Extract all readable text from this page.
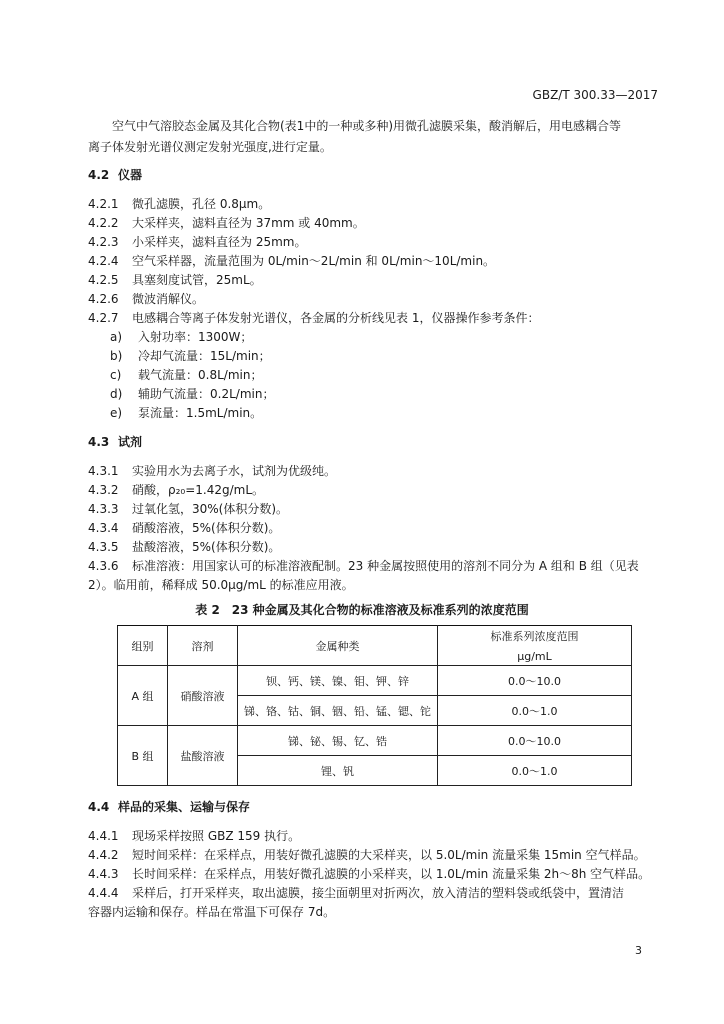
GBZ/T 300.33—2017
空气中气溶胶态金属及其化合物(表1中的一种或多种)用微孔滤膜采集，酸消解后，用电感耦合等
离子体发射光谱仪测定发射光强度,进行定量。
4.2 仪器
4.2.1 微孔滤膜，孔径 0.8μm。
4.2.2 大采样夹，滤料直径为 37mm 或 40mm。
4.2.3 小采样夹，滤料直径为 25mm。
4.2.4 空气采样器，流量范围为 0L/min～2L/min 和 0L/min～10L/min。
4.2.5 具塞刻度试管，25mL。
4.2.6 微波消解仪。
4.2.7 电感耦合等离子体发射光谱仪，各金属的分析线见表 1，仪器操作参考条件：
a) 入射功率：1300W；
b) 冷却气流量：15L/min；
c) 载气流量：0.8L/min；
d) 辅助气流量：0.2L/min；
e) 泵流量：1.5mL/min。
4.3 试剂
4.3.1 实验用水为去离子水，试剂为优级纯。
4.3.2 硝酸，ρ₂₀=1.42g/mL。
4.3.3 过氧化氢，30%(体积分数)。
4.3.4 硝酸溶液，5%(体积分数)。
4.3.5 盐酸溶液，5%(体积分数)。
4.3.6 标准溶液：用国家认可的标准溶液配制。23 种金属按照使用的溶剂不同分为 A 组和 B 组（见表
2）。临用前，稀释成 50.0μg/mL 的标准应用液。
表 2　23 种金属及其化合物的标准溶液及标准系列的浓度范围
组别	溶剂	金属种类	标准系列浓度范围
μg/mL

A 组	硝酸溶液	钡、钙、镁、镍、钼、钾、锌	0.0～10.0
		锑、铬、钴、铜、铟、铅、锰、锶、铊	0.0～1.0
B 组	盐酸溶液	锑、铋、锡、钇、锆	0.0～10.0
		锂、钒	0.0～1.0
4.4 样品的采集、运输与保存
4.4.1 现场采样按照 GBZ 159 执行。
4.4.2 短时间采样：在采样点，用装好微孔滤膜的大采样夹，以 5.0L/min 流量采集 15min 空气样品。
4.4.3 长时间采样：在采样点，用装好微孔滤膜的小采样夹，以 1.0L/min 流量采集 2h～8h 空气样品。
4.4.4 采样后，打开采样夹，取出滤膜，接尘面朝里对折两次，放入清洁的塑料袋或纸袋中，置清洁
容器内运输和保存。样品在常温下可保存 7d。
3
